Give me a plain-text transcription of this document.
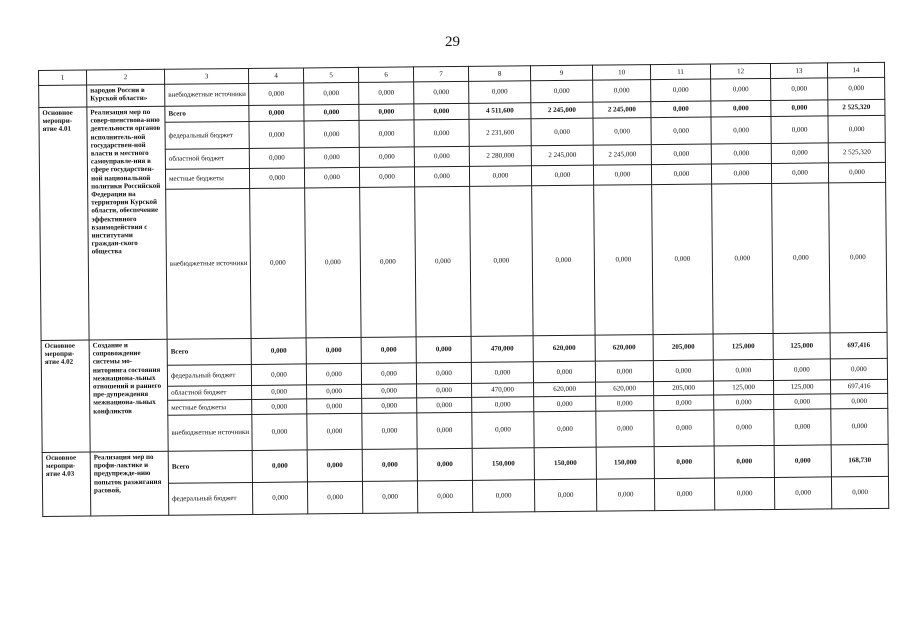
29
1	2	3	4	5	6	7	8	9	10	11	12	13	14
	народов России в Курской области»	внебюджетные источники	0,000	0,000	0,000	0,000	0,000	0,000	0,000	0,000	0,000	0,000	0,000
Основное меропри-ятие 4.01	Реализация мер по совер-шенствова-нию деятельности органов исполнитель-ной государствен-ной власти и местного самоуправле-ния в сфере государствен-ной национальной политики Российской Федерации на территории Курской области, обеспечение эффективного взаимодействия с институтами граждан-ского общества	Всего	0,000	0,000	0,000	0,000	4 511,600	2 245,000	2 245,000	0,000	0,000	0,000	2 525,320
		федеральный бюджет	0,000	0,000	0,000	0,000	2 231,600	0,000	0,000	0,000	0,000	0,000	0,000
		областной бюджет	0,000	0,000	0,000	0,000	2 280,000	2 245,000	2 245,000	0,000	0,000	0,000	2 525,320
		местные бюджеты	0,000	0,000	0,000	0,000	0,000	0,000	0,000	0,000	0,000	0,000	0,000
		внебюджетные источники	0,000	0,000	0,000	0,000	0,000	0,000	0,000	0,000	0,000	0,000	0,000
Основное меропри-ятие 4.02	Создание и сопровождение системы мо-ниторинга состояния межнациона-льных отношений и раннего пре-дупреждения межнациона-льных конфликтов	Всего	0,000	0,000	0,000	0,000	470,000	620,000	620,000	205,000	125,000	125,000	697,416
		федеральный бюджет	0,000	0,000	0,000	0,000	0,000	0,000	0,000	0,000	0,000	0,000	0,000
		областной бюджет	0,000	0,000	0,000	0,000	470,000	620,000	620,000	205,000	125,000	125,000	697,416
		местные бюджеты	0,000	0,000	0,000	0,000	0,000	0,000	0,000	0,000	0,000	0,000	0,000
		внебюджетные источники	0,000	0,000	0,000	0,000	0,000	0,000	0,000	0,000	0,000	0,000	0,000
Основное меропри-ятие 4.03	Реализация мер по профи-лактике и предупрежде-нию попыток разжигания расовой,	Всего	0,000	0,000	0,000	0,000	150,000	150,000	150,000	0,000	0,000	0,000	168,730
		федеральный бюджет	0,000	0,000	0,000	0,000	0,000	0,000	0,000	0,000	0,000	0,000	0,000
